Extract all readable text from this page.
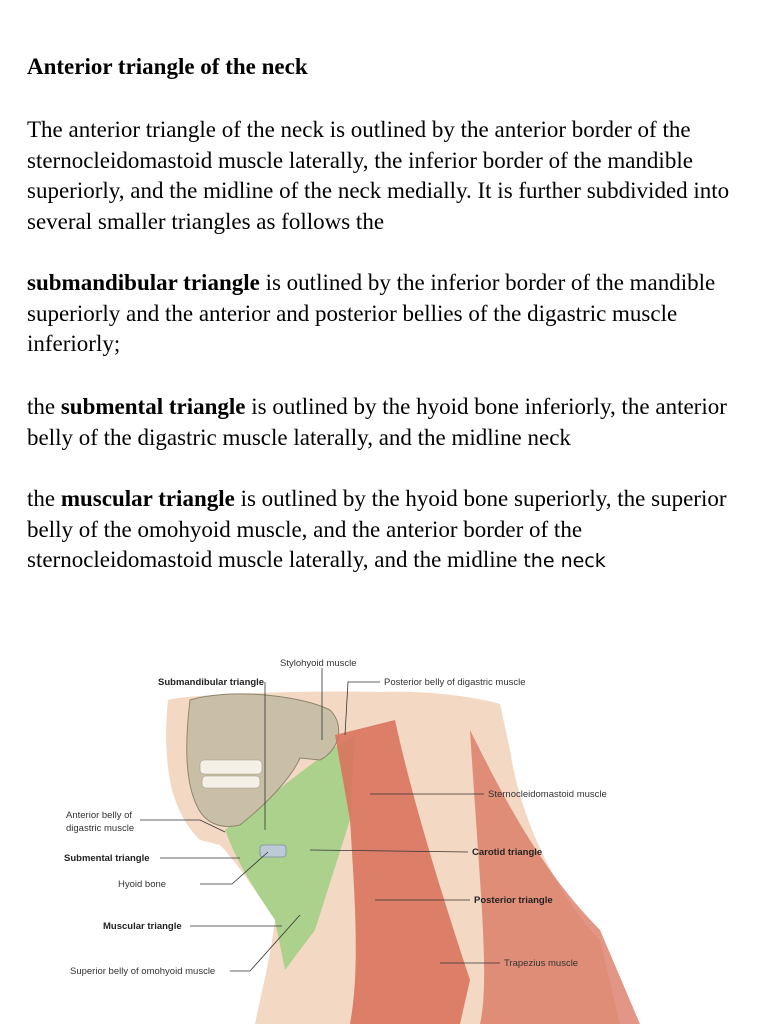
Anterior triangle of the neck

The anterior triangle of the neck is outlined by the anterior border of the sternocleidomastoid muscle laterally, the inferior border of the mandible superiorly, and the midline of the neck medially. It is further subdivided into several smaller triangles as follows the

submandibular triangle is outlined by the inferior border of the mandible superiorly and the anterior and posterior bellies of the digastric muscle inferiorly;

the submental triangle is outlined by the hyoid bone inferiorly, the anterior belly of the digastric muscle laterally, and the midline neck

the muscular triangle is outlined by the hyoid bone superiorly, the superior belly of the omohyoid muscle, and the anterior border of the sternocleidomastoid muscle laterally, and the midline the neck

Stylohyoid muscle
Submandibular triangle	Posterior belly of digastric muscle
Sternocleidomastoid muscle
Anterior belly of
digastric muscle
Submental triangle
Carotid triangle
Hyoid bone
Posterior triangle
Muscular triangle
Trapezius muscle
Superior belly of omohyoid muscle
